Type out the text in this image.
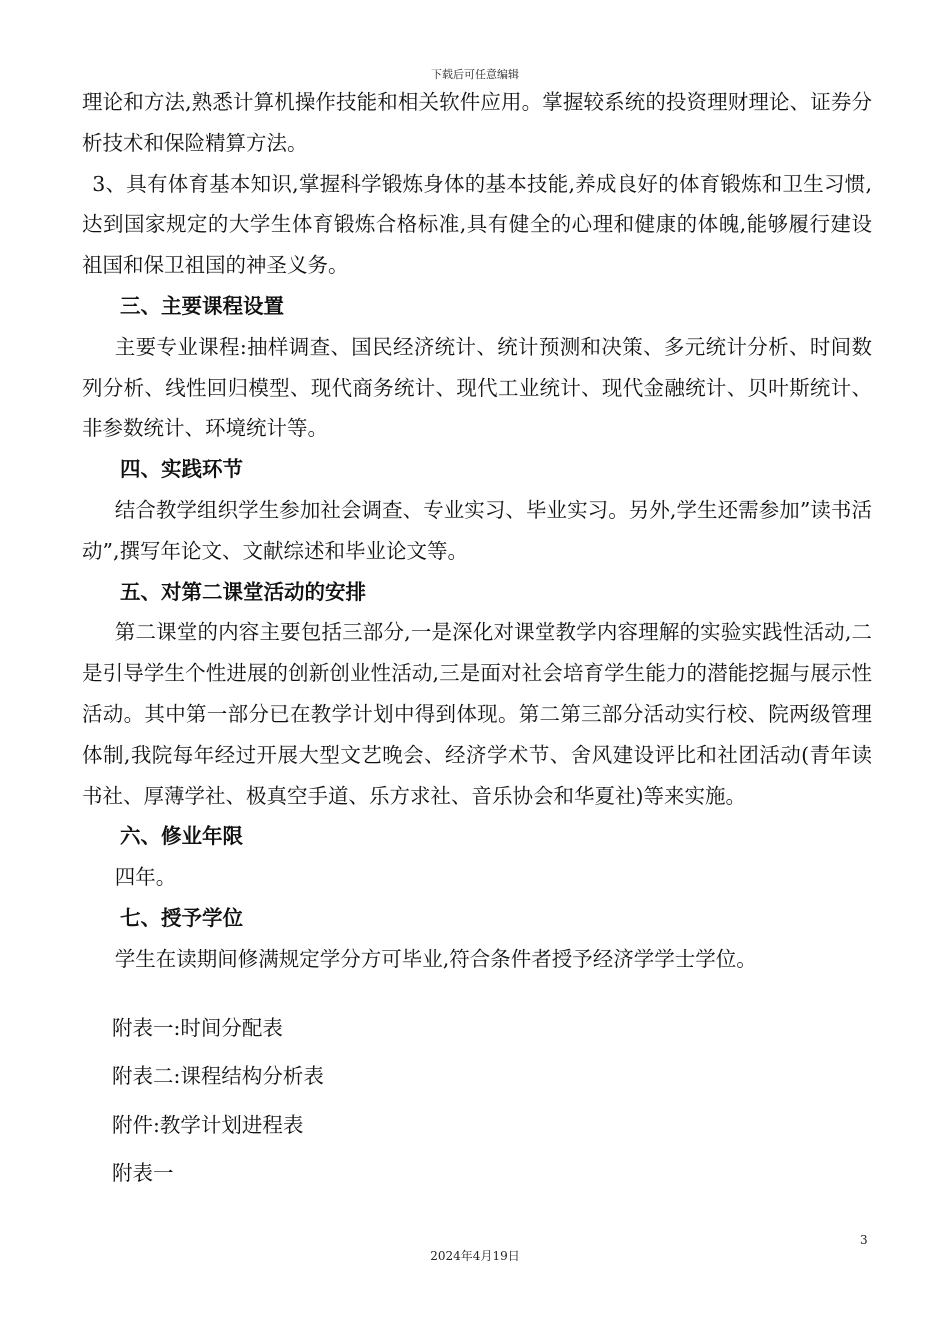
下载后可任意编辑

理论和方法,熟悉计算机操作技能和相关软件应用。掌握较系统的投资理财理论、证券分析技术和保险精算方法。

3、具有体育基本知识,掌握科学锻炼身体的基本技能,养成良好的体育锻炼和卫生习惯,达到国家规定的大学生体育锻炼合格标准,具有健全的心理和健康的体魄,能够履行建设祖国和保卫祖国的神圣义务。

三、主要课程设置

主要专业课程:抽样调查、国民经济统计、统计预测和决策、多元统计分析、时间数列分析、线性回归模型、现代商务统计、现代工业统计、现代金融统计、贝叶斯统计、非参数统计、环境统计等。

四、实践环节

结合教学组织学生参加社会调查、专业实习、毕业实习。另外,学生还需参加”读书活动”,撰写年论文、文献综述和毕业论文等。

五、对第二课堂活动的安排

第二课堂的内容主要包括三部分,一是深化对课堂教学内容理解的实验实践性活动,二是引导学生个性进展的创新创业性活动,三是面对社会培育学生能力的潜能挖掘与展示性活动。其中第一部分已在教学计划中得到体现。第二第三部分活动实行校、院两级管理体制,我院每年经过开展大型文艺晚会、经济学术节、舍风建设评比和社团活动(青年读书社、厚薄学社、极真空手道、乐方求社、音乐协会和华夏社)等来实施。

六、修业年限

四年。

七、授予学位

学生在读期间修满规定学分方可毕业,符合条件者授予经济学学士学位。

附表一:时间分配表

附表二:课程结构分析表

附件:教学计划进程表

附表一

3
2024年4月19日
